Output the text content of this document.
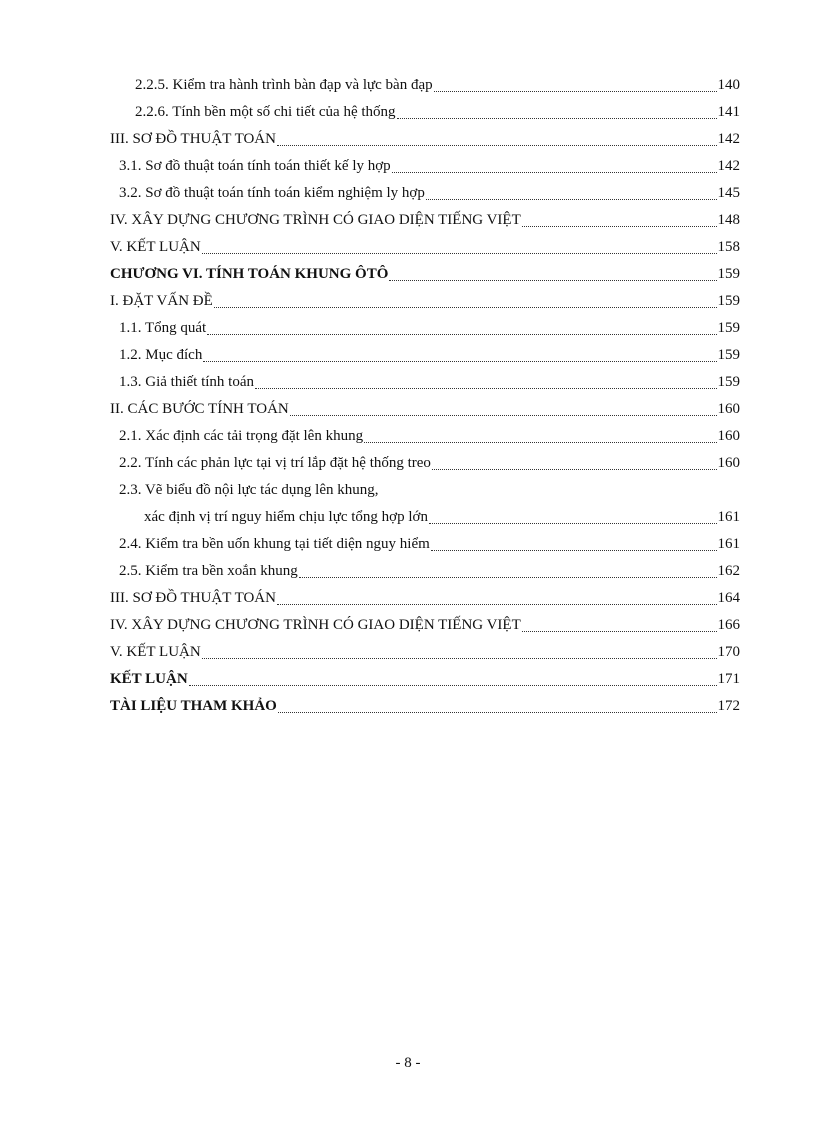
2.2.5. Kiểm tra hành trình bàn đạp và lực bàn đạp	140
2.2.6. Tính bền một số chi tiết của hệ thống	141
III. SƠ ĐỒ THUẬT TOÁN	142
3.1. Sơ đồ thuật toán tính toán thiết kế ly hợp	142
3.2. Sơ đồ thuật toán tính toán kiểm nghiệm ly hợp	145
IV. XÂY DỰNG CHƯƠNG TRÌNH CÓ GIAO DIỆN TIẾNG VIỆT	148
V. KẾT LUẬN	158
CHƯƠNG VI. TÍNH TOÁN KHUNG ÔTÔ	159
I. ĐẶT VẤN ĐỀ	159
1.1. Tổng quát	159
1.2. Mục đích	159
1.3. Giả thiết tính toán	159
II. CÁC BƯỚC TÍNH TOÁN	160
2.1. Xác định các tải trọng đặt lên khung	160
2.2. Tính các phản lực tại vị trí lắp đặt hệ thống treo	160
2.3. Vẽ biểu đồ nội lực tác dụng lên khung,
xác định vị trí nguy hiểm chịu lực tổng hợp lớn	161
2.4. Kiểm tra bền uốn khung tại tiết diện nguy hiểm	161
2.5. Kiểm tra bền xoắn khung	162
III. SƠ ĐỒ THUẬT TOÁN	164
IV. XÂY DỰNG CHƯƠNG TRÌNH CÓ GIAO DIỆN TIẾNG VIỆT	166
V. KẾT LUẬN	170
KẾT LUẬN	171
TÀI LIỆU THAM KHẢO	172
- 8 -
